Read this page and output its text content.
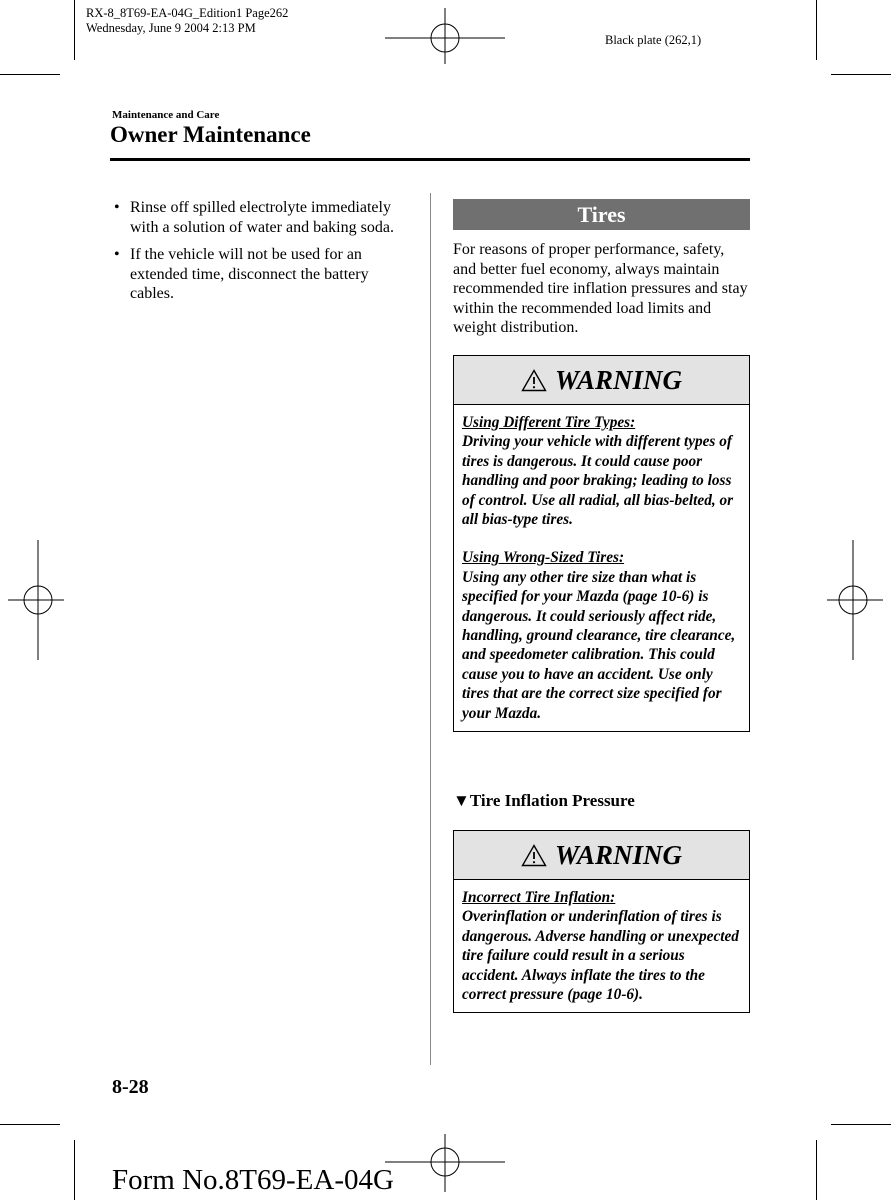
RX-8_8T69-EA-04G_Edition1 Page262
Wednesday, June 9 2004 2:13 PM
Black plate (262,1)
Maintenance and Care
Owner Maintenance
• Rinse off spilled electrolyte immediately with a solution of water and baking soda.
• If the vehicle will not be used for an extended time, disconnect the battery cables.
Tires
For reasons of proper performance, safety, and better fuel economy, always maintain recommended tire inflation pressures and stay within the recommended load limits and weight distribution.
WARNING
Using Different Tire Types:
Driving your vehicle with different types of tires is dangerous. It could cause poor handling and poor braking; leading to loss of control. Use all radial, all bias-belted, or all bias-type tires.
Using Wrong-Sized Tires:
Using any other tire size than what is specified for your Mazda (page 10-6) is dangerous. It could seriously affect ride, handling, ground clearance, tire clearance, and speedometer calibration. This could cause you to have an accident. Use only tires that are the correct size specified for your Mazda.
▼Tire Inflation Pressure
WARNING
Incorrect Tire Inflation:
Overinflation or underinflation of tires is dangerous. Adverse handling or unexpected tire failure could result in a serious accident. Always inflate the tires to the correct pressure (page 10-6).
8-28
Form No.8T69-EA-04G
